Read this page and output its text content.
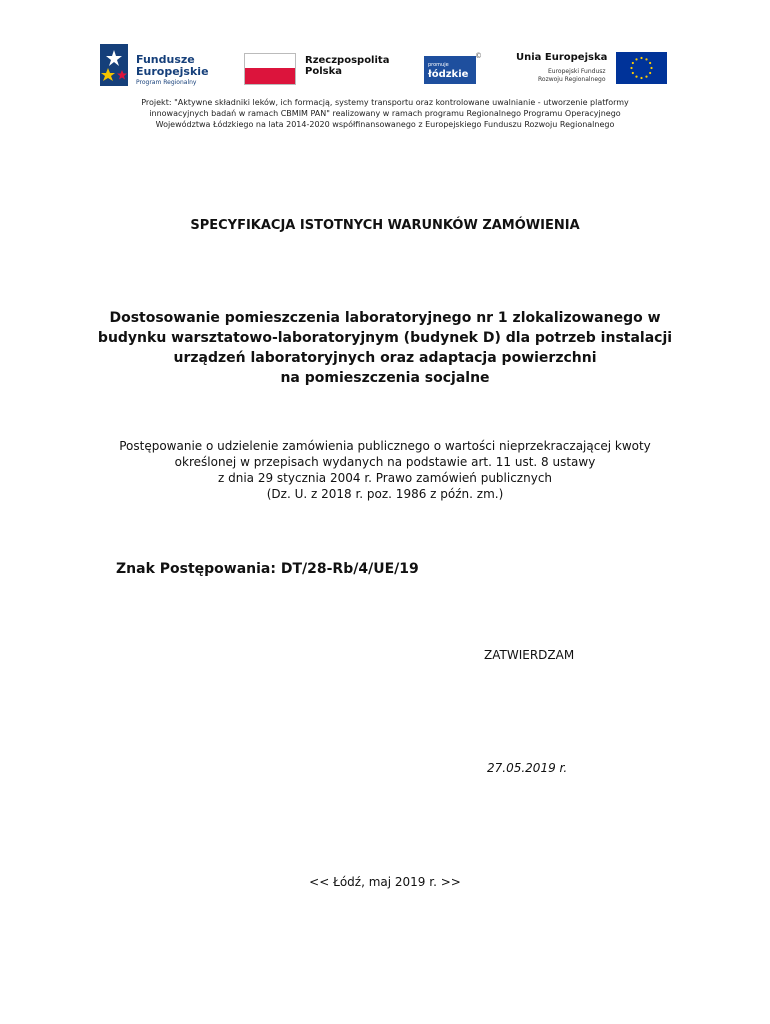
Fundusze
Europejskie
Program Regionalny
Rzeczpospolita
Polska
promuje
łódzkie
©	Unia Europejska
Europejski Fundusz
Rozwoju Regionalnego

Projekt: "Aktywne składniki leków, ich formacją, systemy transportu oraz kontrolowane uwalnianie - utworzenie platformy

innowacyjnych badań w ramach CBMIM PAN" realizowany w ramach programu Regionalnego Programu Operacyjnego

Województwa Łódzkiego na lata 2014-2020 współfinansowanego z Europejskiego Funduszu Rozwoju Regionalnego

SPECYFIKACJA ISTOTNYCH WARUNKÓW ZAMÓWIENIA

Dostosowanie pomieszczenia laboratoryjnego nr 1 zlokalizowanego w

budynku warsztatowo-laboratoryjnym (budynek D) dla potrzeb instalacji

urządzeń laboratoryjnych oraz adaptacja powierzchni

na pomieszczenia socjalne

Postępowanie o udzielenie zamówienia publicznego o wartości nieprzekraczającej kwoty

określonej w przepisach wydanych na podstawie art. 11 ust. 8 ustawy

z dnia 29 stycznia 2004 r. Prawo zamówień publicznych

(Dz. U. z 2018 r. poz. 1986 z późn. zm.)

Znak Postępowania: DT/28-Rb/4/UE/19
ZATWIERDZAM
27.05.2019 r.
<< Łódź, maj 2019 r. >>
